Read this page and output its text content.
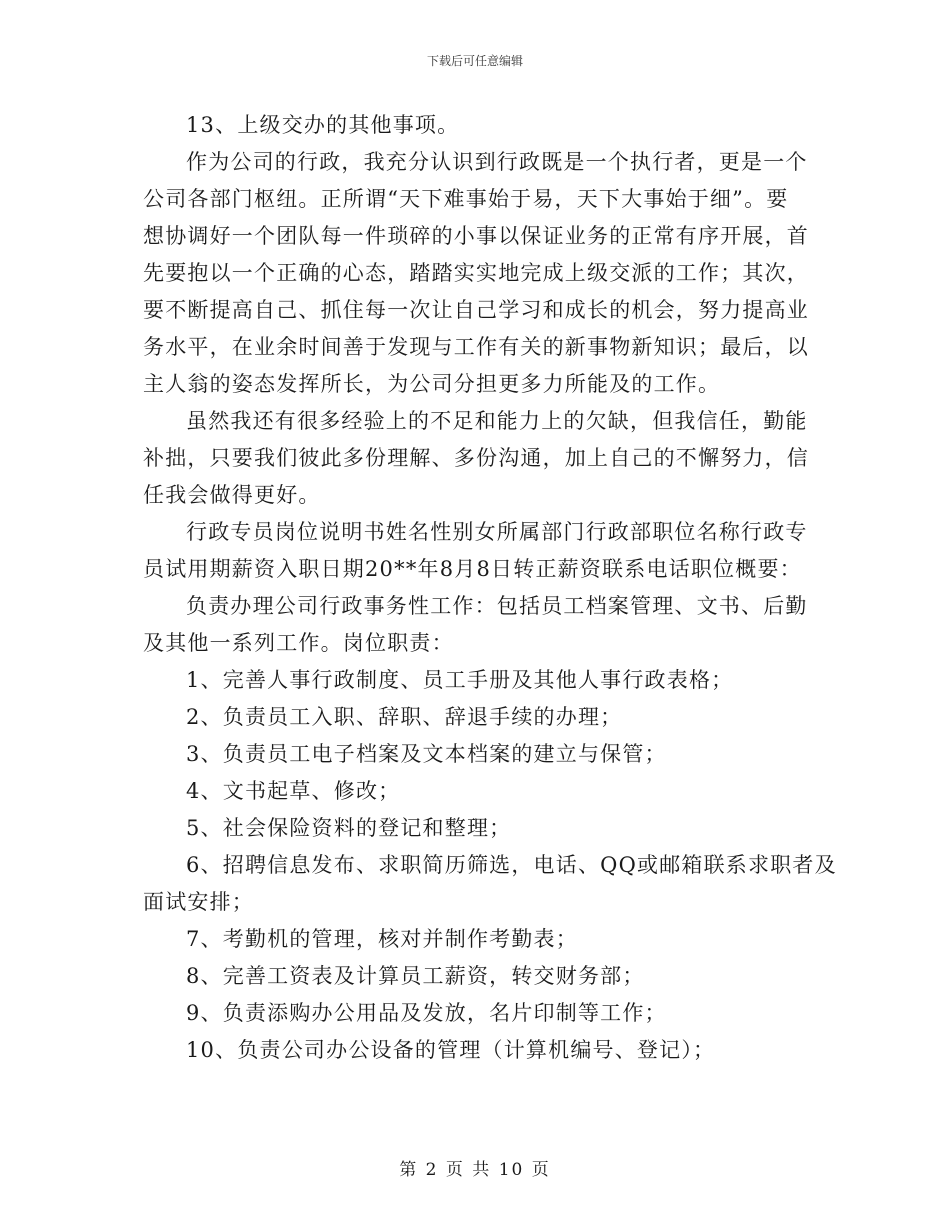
下载后可任意编辑
13、上级交办的其他事项。
作为公司的行政，我充分认识到行政既是一个执行者，更是一个
公司各部门枢纽。正所谓“天下难事始于易，天下大事始于细”。要
想协调好一个团队每一件琐碎的小事以保证业务的正常有序开展，首
先要抱以一个正确的心态，踏踏实实地完成上级交派的工作；其次，
要不断提高自己、抓住每一次让自己学习和成长的机会，努力提高业
务水平，在业余时间善于发现与工作有关的新事物新知识；最后，以
主人翁的姿态发挥所长，为公司分担更多力所能及的工作。
虽然我还有很多经验上的不足和能力上的欠缺，但我信任，勤能
补拙，只要我们彼此多份理解、多份沟通，加上自己的不懈努力，信
任我会做得更好。
行政专员岗位说明书姓名性别女所属部门行政部职位名称行政专
员试用期薪资入职日期20**年8月8日转正薪资联系电话职位概要：
负责办理公司行政事务性工作：包括员工档案管理、文书、后勤
及其他一系列工作。岗位职责：
1、完善人事行政制度、员工手册及其他人事行政表格；
2、负责员工入职、辞职、辞退手续的办理；
3、负责员工电子档案及文本档案的建立与保管；
4、文书起草、修改；
5、社会保险资料的登记和整理；
6、招聘信息发布、求职简历筛选，电话、QQ或邮箱联系求职者及
面试安排；
7、考勤机的管理，核对并制作考勤表；
8、完善工资表及计算员工薪资，转交财务部；
9、负责添购办公用品及发放，名片印制等工作；
10、负责公司办公设备的管理（计算机编号、登记）；
第 2 页 共 10 页
